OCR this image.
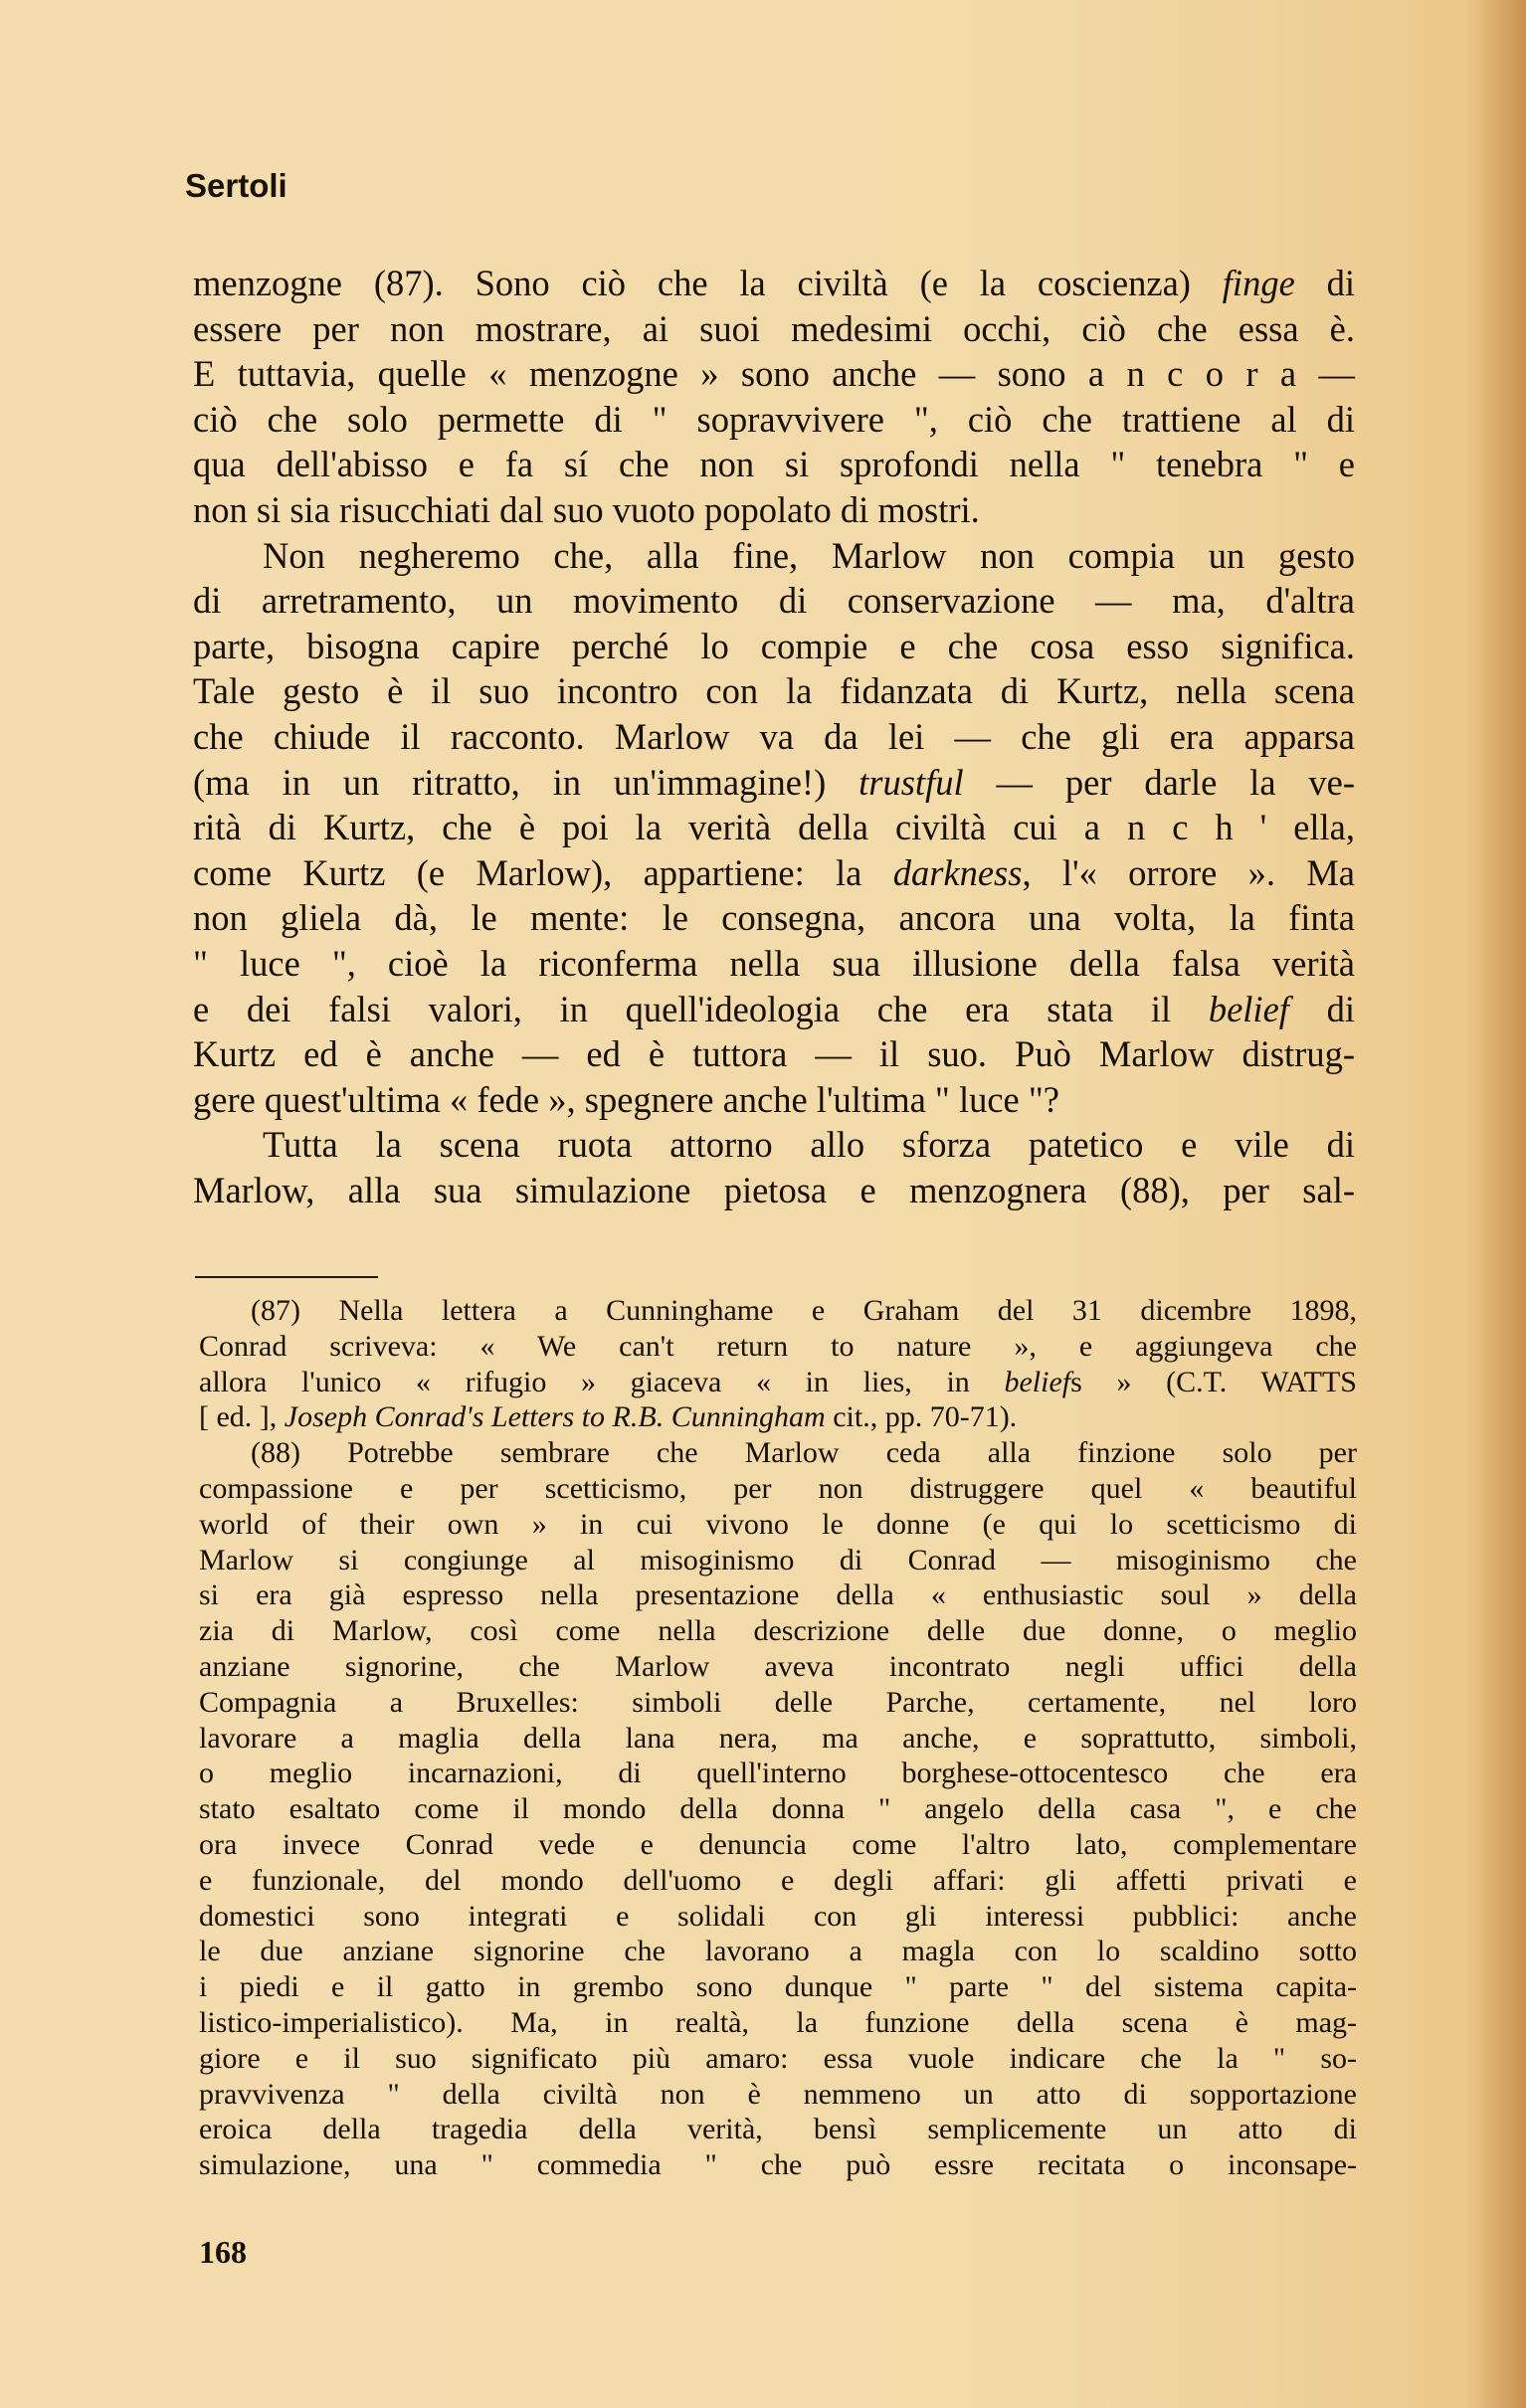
Sertoli
menzogne (87). Sono ciò che la civiltà (e la coscienza) finge di
essere per non mostrare, ai suoi medesimi occhi, ciò che essa è.
E tuttavia, quelle « menzogne » sono anche — sono a n c o r a —
ciò che solo permette di " sopravvivere ", ciò che trattiene al di
qua dell'abisso e fa sí che non si sprofondi nella " tenebra " e
non si sia risucchiati dal suo vuoto popolato di mostri.
Non negheremo che, alla fine, Marlow non compia un gesto
di arretramento, un movimento di conservazione — ma, d'altra
parte, bisogna capire perché lo compie e che cosa esso significa.
Tale gesto è il suo incontro con la fidanzata di Kurtz, nella scena
che chiude il racconto. Marlow va da lei — che gli era apparsa
(ma in un ritratto, in un'immagine!) trustful — per darle la ve-
rità di Kurtz, che è poi la verità della civiltà cui a n c h ' ella,
come Kurtz (e Marlow), appartiene: la darkness, l'« orrore ». Ma
non gliela dà, le mente: le consegna, ancora una volta, la finta
" luce ", cioè la riconferma nella sua illusione della falsa verità
e dei falsi valori, in quell'ideologia che era stata il belief di
Kurtz ed è anche — ed è tuttora — il suo. Può Marlow distrug-
gere quest'ultima « fede », spegnere anche l'ultima " luce "?
Tutta la scena ruota attorno allo sforza patetico e vile di
Marlow, alla sua simulazione pietosa e menzognera (88), per sal-
(87) Nella lettera a Cunninghame e Graham del 31 dicembre 1898,
Conrad scriveva: « We can't return to nature », e aggiungeva che
allora l'unico « rifugio » giaceva « in lies, in beliefs » (C.T. WATTS
[ ed. ], Joseph Conrad's Letters to R.B. Cunningham cit., pp. 70-71).
(88) Potrebbe sembrare che Marlow ceda alla finzione solo per
compassione e per scetticismo, per non distruggere quel « beautiful
world of their own » in cui vivono le donne (e qui lo scetticismo di
Marlow si congiunge al misoginismo di Conrad — misoginismo che
si era già espresso nella presentazione della « enthusiastic soul » della
zia di Marlow, così come nella descrizione delle due donne, o meglio
anziane signorine, che Marlow aveva incontrato negli uffici della
Compagnia a Bruxelles: simboli delle Parche, certamente, nel loro
lavorare a maglia della lana nera, ma anche, e soprattutto, simboli,
o meglio incarnazioni, di quell'interno borghese-ottocentesco che era
stato esaltato come il mondo della donna " angelo della casa ", e che
ora invece Conrad vede e denuncia come l'altro lato, complementare
e funzionale, del mondo dell'uomo e degli affari: gli affetti privati e
domestici sono integrati e solidali con gli interessi pubblici: anche
le due anziane signorine che lavorano a magla con lo scaldino sotto
i piedi e il gatto in grembo sono dunque " parte " del sistema capita-
listico-imperialistico). Ma, in realtà, la funzione della scena è mag-
giore e il suo significato più amaro: essa vuole indicare che la " so-
pravvivenza " della civiltà non è nemmeno un atto di sopportazione
eroica della tragedia della verità, bensì semplicemente un atto di
simulazione, una " commedia " che può essre recitata o inconsape-
168
